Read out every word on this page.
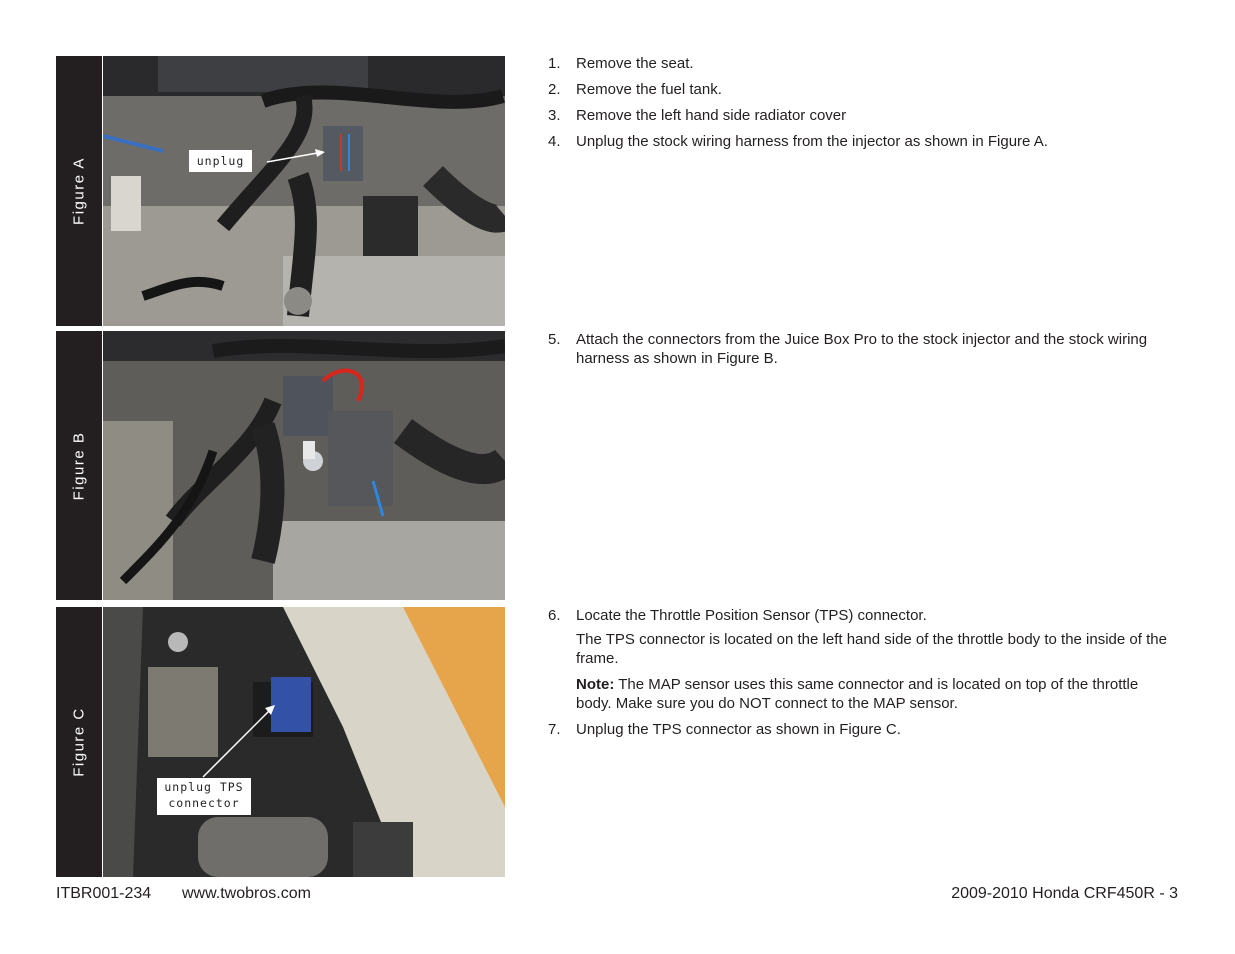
Figure A	unplug
Figure B
Figure C
unplug TPS
connector
1. Remove the seat.
2. Remove the fuel tank.
3. Remove the left hand side radiator cover
4. Unplug the stock wiring harness from the injector as shown in Figure A.
5. Attach the connectors from the Juice Box Pro to the stock injector and the stock wiring harness as shown in Figure B.
6. Locate the Throttle Position Sensor (TPS) connector.
The TPS connector is located on the left hand side of the throttle body to the inside of the frame.
Note: The MAP sensor uses this same connector and is located on top of the throttle body. Make sure you do NOT connect to the MAP sensor.
7. Unplug the TPS connector as shown in Figure C.
ITBR001-234 www.twobros.com	2009-2010 Honda CRF450R - 3
